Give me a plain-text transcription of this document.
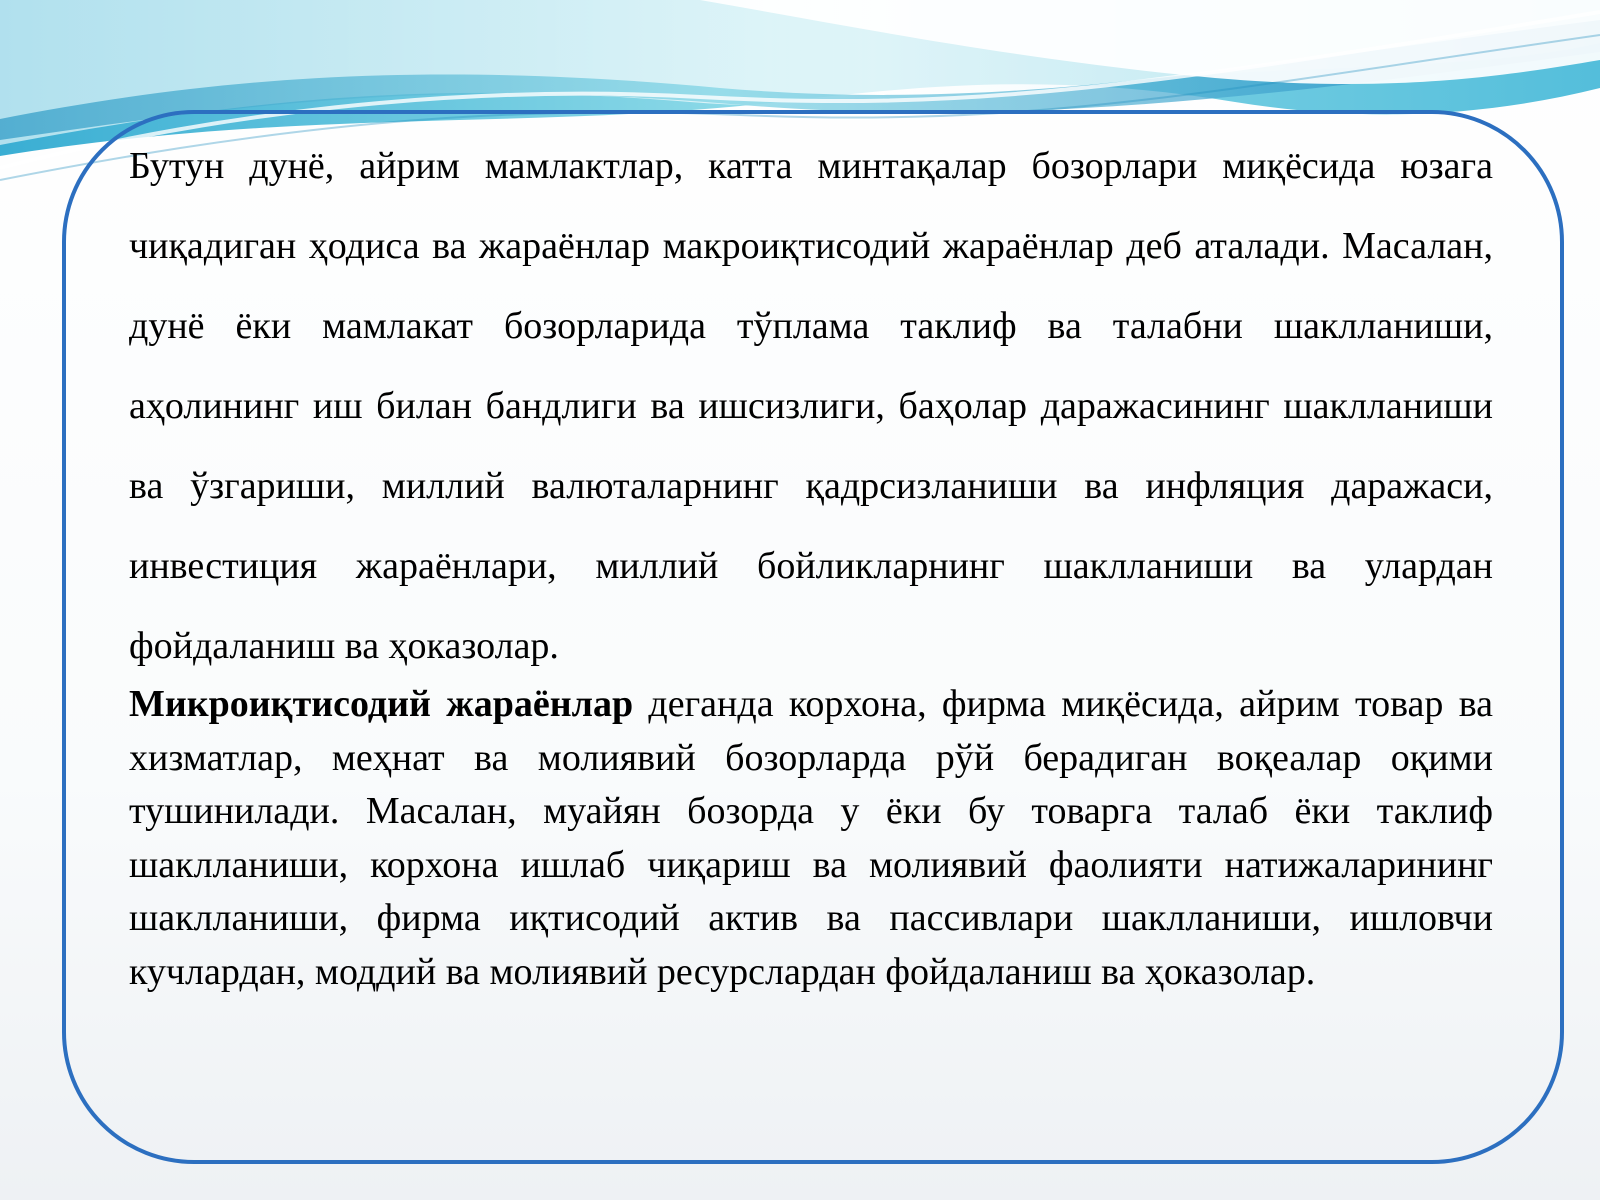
Бутун дунё, айрим мамлактлар, катта минтақалар бозорлари миқёсида юзага чиқадиган ҳодиса ва жараёнлар макроиқтисодий жараёнлар деб аталади. Масалан, дунё ёки мамлакат бозорларида тўплама таклиф ва талабни шаклланиши, аҳолининг иш билан бандлиги ва ишсизлиги, баҳолар даражасининг шаклланиши ва ўзгариши, миллий валюталарнинг қадрсизланиши ва инфляция даражаси, инвестиция жараёнлари, миллий бойликларнинг шаклланиши ва улардан фойдаланиш ва ҳоказолар.

Микроиқтисодий жараёнлар деганда корхона, фирма миқёсида, айрим товар ва хизматлар, меҳнат ва молиявий бозорларда рўй берадиган воқеалар оқими тушинилади. Масалан, муайян бозорда у ёки бу товарга талаб ёки таклиф шаклланиши, корхона ишлаб чиқариш ва молиявий фаолияти натижаларининг шаклланиши, фирма иқтисодий актив ва пассивлари шаклланиши, ишловчи кучлардан, моддий ва молиявий ресурслардан фойдаланиш ва ҳоказолар.
